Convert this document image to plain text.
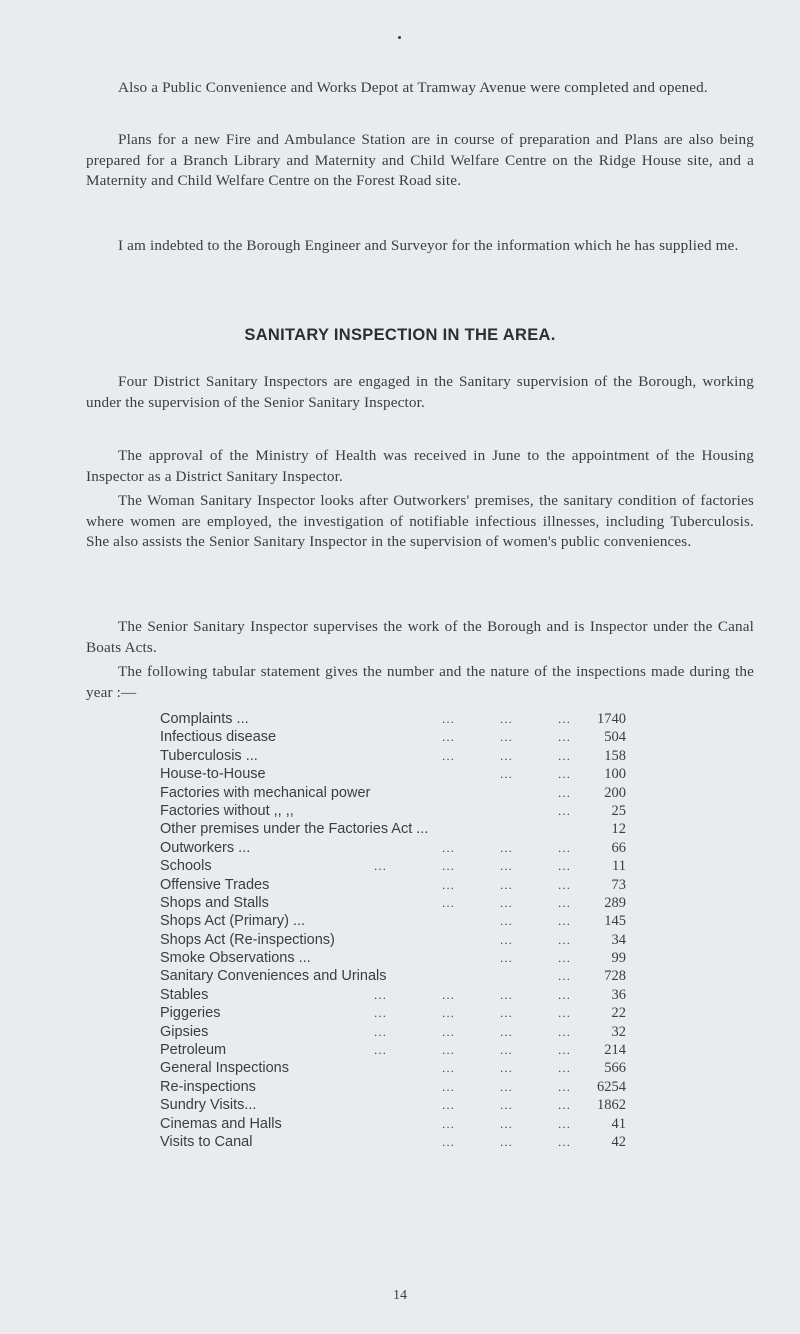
Also a Public Convenience and Works Depot at Tramway Avenue were completed and opened.

Plans for a new Fire and Ambulance Station are in course of preparation and Plans are also being prepared for a Branch Library and Maternity and Child Welfare Centre on the Ridge House site, and a Maternity and Child Welfare Centre on the Forest Road site.

I am indebted to the Borough Engineer and Surveyor for the information which he has supplied me.

SANITARY INSPECTION IN THE AREA.

Four District Sanitary Inspectors are engaged in the Sanitary supervision of the Borough, working under the supervision of the Senior Sanitary Inspector.

The approval of the Ministry of Health was received in June to the appointment of the Housing Inspector as a District Sanitary Inspector.

The Woman Sanitary Inspector looks after Outworkers' premises, the sanitary condition of factories where women are employed, the investigation of notifiable infectious illnesses, including Tuberculosis. She also assists the Senior Sanitary Inspector in the supervision of women's public conveniences.

The Senior Sanitary Inspector supervises the work of the Borough and is Inspector under the Canal Boats Acts.

The following tabular statement gives the number and the nature of the inspections made during the year :—

Complaints ...	...	...	... 1740
Infectious disease	...	...	... 504
Tuberculosis ...	...	...	... 158
House-to-House	...	... 100
Factories with mechanical power	... 200
Factories without ,, ,,	...	25
Other premises under the Factories Act ...	12
Outworkers ...	...	...	...	66
Schools	...	...	...	...	11
Offensive Trades	...	...	...	73
Shops and Stalls	...	...	... 289
Shops Act (Primary) ...	...	... 145
Shops Act (Re-inspections)	...	...	34
Smoke Observations ...	...	...	99
Sanitary Conveniences and Urinals	... 728
Stables	...	...	...	...	36
Piggeries	...	...	...	...	22
Gipsies	...	...	...	...	32
Petroleum	...	...	...	... 214
General Inspections	...	...	... 566
Re-inspections	...	...	... 6254
Sundry Visits...	...	...	... 1862
Cinemas and Halls	...	...	...	41
Visits to Canal	...	...	...	42

14
